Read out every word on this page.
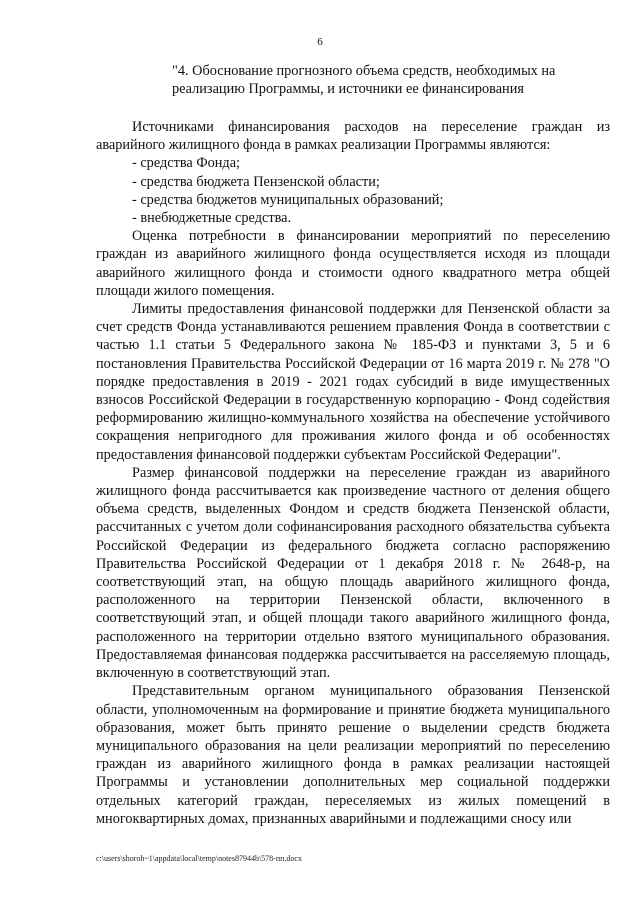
6
"4. Обоснование прогнозного объема средств, необходимых на реализацию Программы, и источники ее финансирования

Источниками финансирования расходов на переселение граждан из аварийного жилищного фонда в рамках реализации Программы являются:

- средства Фонда;

- средства бюджета Пензенской области;

- средства бюджетов муниципальных образований;

- внебюджетные средства.

Оценка потребности в финансировании мероприятий по переселению граждан из аварийного жилищного фонда осуществляется исходя из площади аварийного жилищного фонда и стоимости одного квадратного метра общей площади жилого помещения.

Лимиты предоставления финансовой поддержки для Пензенской области за счет средств Фонда устанавливаются решением правления Фонда в соответствии с частью 1.1 статьи 5 Федерального закона № 185-ФЗ и пунктами 3, 5 и 6 постановления Правительства Российской Федерации от 16 марта 2019 г. № 278 "О порядке предоставления в 2019 - 2021 годах субсидий в виде имущественных взносов Российской Федерации в государственную корпорацию - Фонд содействия реформированию жилищно-коммунального хозяйства на обеспечение устойчивого сокращения непригодного для проживания жилого фонда и об особенностях предоставления финансовой поддержки субъектам Российской Федерации".

Размер финансовой поддержки на переселение граждан из аварийного жилищного фонда рассчитывается как произведение частного от деления общего объема средств, выделенных Фондом и средств бюджета Пензенской области, рассчитанных с учетом доли софинансирования расходного обязательства субъекта Российской Федерации из федерального бюджета согласно распоряжению Правительства Российской Федерации от 1 декабря 2018 г. № 2648-р, на соответствующий этап, на общую площадь аварийного жилищного фонда, расположенного на территории Пензенской области, включенного в соответствующий этап, и общей площади такого аварийного жилищного фонда, расположенного на территории отдельно взятого муниципального образования. Предоставляемая финансовая поддержка рассчитывается на расселяемую площадь, включенную в соответствующий этап.

Представительным органом муниципального образования Пензенской области, уполномоченным на формирование и принятие бюджета муниципального образования, может быть принято решение о выделении средств бюджета муниципального образования на цели реализации мероприятий по переселению граждан из аварийного жилищного фонда в рамках реализации настоящей Программы и установлении дополнительных мер социальной поддержки отдельных категорий граждан, переселяемых из жилых помещений в многоквартирных домах, признанных аварийными и подлежащими сносу или

c:\users\shoroh~1\appdata\local\temp\notes87944b\578-пп.docx
